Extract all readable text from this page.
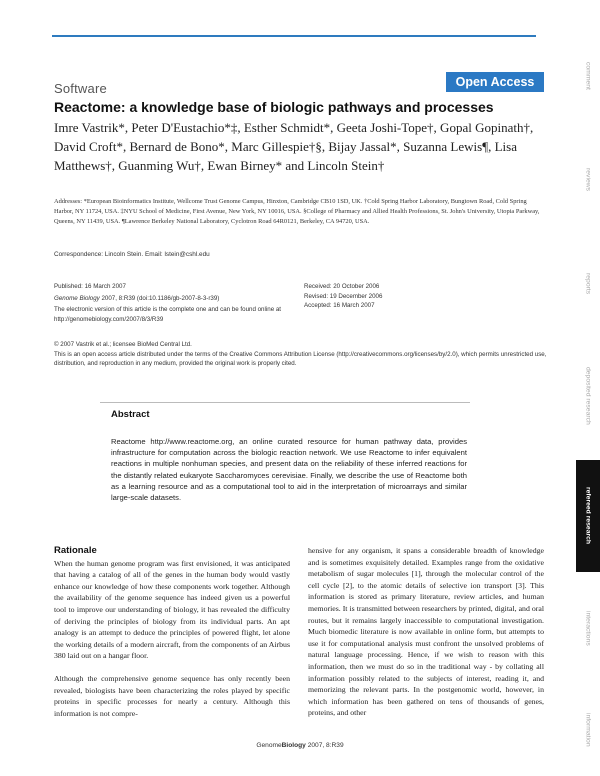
Software	Open Access
Reactome: a knowledge base of biologic pathways and processes
Imre Vastrik*, Peter D'Eustachio*‡, Esther Schmidt*, Geeta Joshi-Tope†, Gopal Gopinath†, David Croft*, Bernard de Bono*, Marc Gillespie†§, Bijay Jassal*, Suzanna Lewis¶, Lisa Matthews†, Guanming Wu†, Ewan Birney* and Lincoln Stein†
Addresses: *European Bioinformatics Institute, Wellcome Trust Genome Campus, Hinxton, Cambridge CB10 1SD, UK. †Cold Spring Harbor Laboratory, Bungtown Road, Cold Spring Harbor, NY 11724, USA. ‡NYU School of Medicine, First Avenue, New York, NY 10016, USA. §College of Pharmacy and Allied Health Professions, St. John's University, Utopia Parkway, Queens, NY 11439, USA. ¶Lawrence Berkeley National Laboratory, Cyclotron Road 64R0121, Berkeley, CA 94720, USA.
Correspondence: Lincoln Stein. Email: lstein@cshl.edu

Published: 16 March 2007

Genome Biology 2007, 8:R39 (doi:10.1186/gb-2007-8-3-r39)

The electronic version of this article is the complete one and can be found online at http://genomebiology.com/2007/8/3/R39

Received: 20 October 2006

Revised: 19 December 2006

Accepted: 16 March 2007

© 2007 Vastrik et al.; licensee BioMed Central Ltd.

This is an open access article distributed under the terms of the Creative Commons Attribution License (http://creativecommons.org/licenses/by/2.0), which permits unrestricted use, distribution, and reproduction in any medium, provided the original work is properly cited.

Abstract

Reactome http://www.reactome.org, an online curated resource for human pathway data, provides infrastructure for computation across the biologic reaction network. We use Reactome to infer equivalent reactions in multiple nonhuman species, and present data on the reliability of these inferred reactions for the distantly related eukaryote Saccharomyces cerevisiae. Finally, we describe the use of Reactome both as a learning resource and as a computational tool to aid in the interpretation of microarrays and similar large-scale datasets.

Rationale

When the human genome program was first envisioned, it was anticipated that having a catalog of all of the genes in the human body would vastly enhance our knowledge of how these components work together. Although the availability of the genome sequence has indeed given us a powerful tool to improve our understanding of biology, it has revealed the difficulty of deriving the principles of biology from its individual parts. An apt analogy is an attempt to deduce the principles of powered flight, let alone the working details of a modern aircraft, from the components of an Airbus 380 laid out on a hangar floor.

Although the comprehensive genome sequence has only recently been revealed, biologists have been characterizing the roles played by specific proteins in specific processes for nearly a century. Although this information is not compre-

hensive for any organism, it spans a considerable breadth of knowledge and is sometimes exquisitely detailed. Examples range from the oxidative metabolism of sugar molecules [1], through the molecular control of the cell cycle [2], to the atomic details of selective ion transport [3]. This information is stored as primary literature, review articles, and human memories. It is transmitted between researchers by printed, digital, and oral routes, but it remains largely inaccessible to computational investigation. Much biomedic literature is now available in online form, but attempts to use it for computational analysis must confront the unsolved problems of natural language processing. Hence, if we wish to reason with this information, then we must do so in the traditional way - by collating all information possibly related to the subjects of interest, reading it, and memorizing the relevant parts. In the postgenomic world, however, in which information has been gathered on tens of thousands of genes, proteins, and other

GenomeBiology 2007, 8:R39
comment
reviews
reports
deposited research
refereed research
interactions
information
